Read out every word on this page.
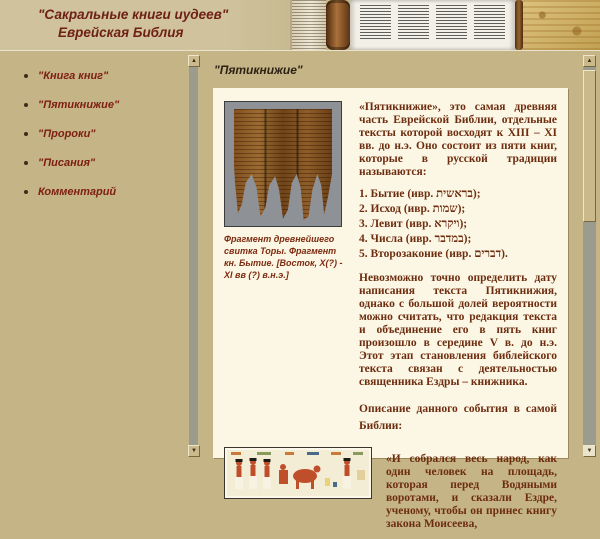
"Сакральные книги иудеев"
Еврейская Библия
"Книга книг"
"Пятикнижие"
"Пророки"
"Писания"
Комментарий
▲
▼
"Пятикнижие"
Фрагмент древнейшего свитка Торы. Фрагмент кн. Бытие. [Восток, X(?) - XI вв (?) в.н.э.]

«Пятикнижие», это самая древняя часть Еврейской Библии, отдельные тексты которой восходят к XIII – XI вв. до н.э. Оно состоит из пяти книг, которые в русской традиции называются:

1. Бытие (ивр. בראשית);
2. Исход (ивр. שמות);
3. Левит (ивр. ויקרא);
4. Числа (ивр. במדבר);
5. Второзаконие (ивр. דברים).

Невозможно точно определить дату написания текста Пятикнижия, однако с большой долей вероятности можно считать, что редакция текста и объединение его в пять книг произошло в середине V в. до н.э. Этот этап становления библейского текста связан с деятельностью священника Ездры – книжника.

Описание данного события в самой Библии:

«И собрался весь народ, как один человек на площадь, которая перед Водяными воротами, и сказали Ездре, ученому, чтобы он принес книгу закона Моисеева,

▲
▼
